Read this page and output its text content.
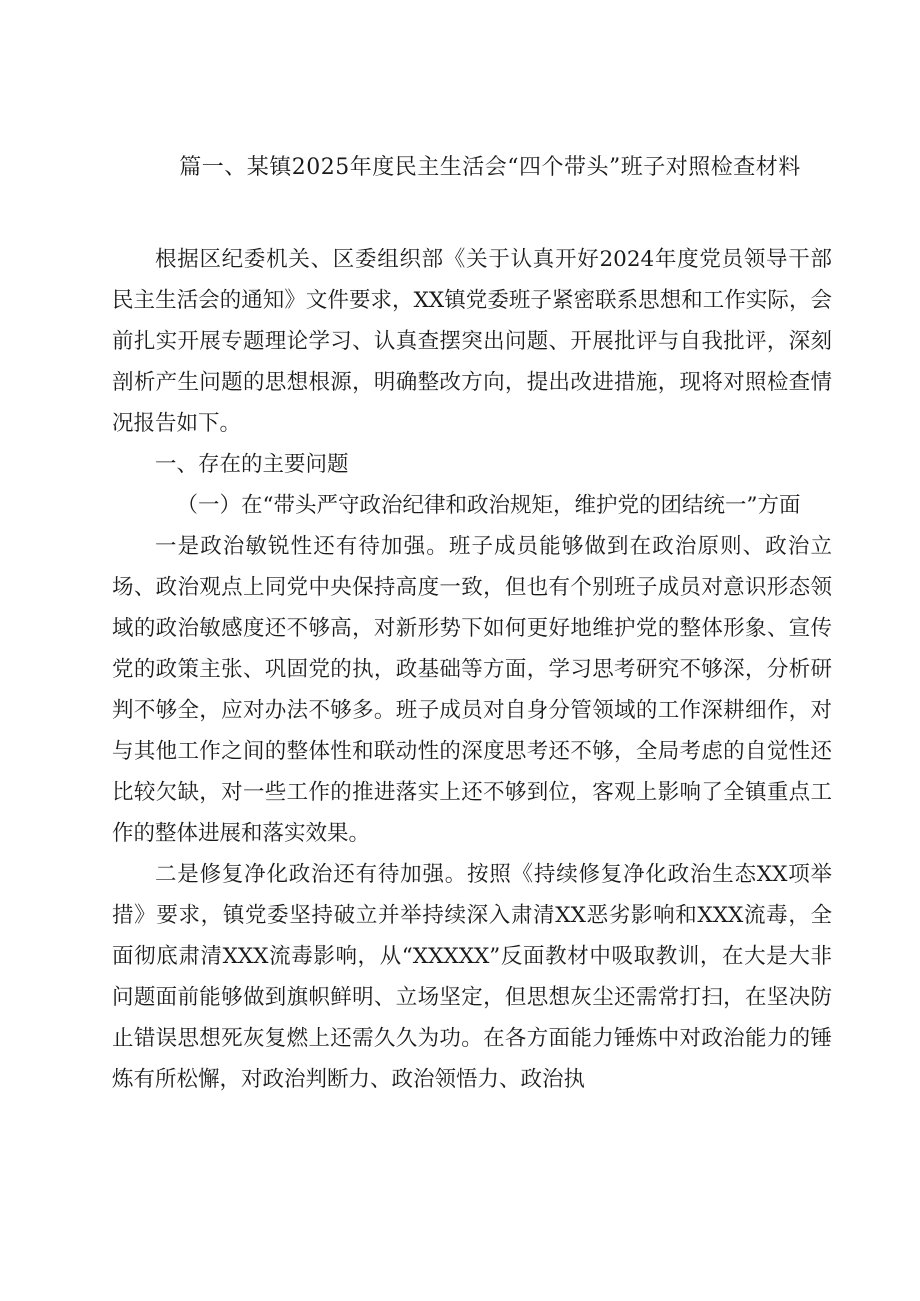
篇一、某镇2025年度民主生活会“四个带头”班子对照检查材料

根据区纪委机关、区委组织部《关于认真开好2024年度党员领导干部民主生活会的通知》文件要求，XX镇党委班子紧密联系思想和工作实际，会前扎实开展专题理论学习、认真查摆突出问题、开展批评与自我批评，深刻剖析产生问题的思想根源，明确整改方向，提出改进措施，现将对照检查情况报告如下。

一、存在的主要问题

（一）在“带头严守政治纪律和政治规矩，维护党的团结统一”方面

一是政治敏锐性还有待加强。班子成员能够做到在政治原则、政治立场、政治观点上同党中央保持高度一致，但也有个别班子成员对意识形态领域的政治敏感度还不够高，对新形势下如何更好地维护党的整体形象、宣传党的政策主张、巩固党的执，政基础等方面，学习思考研究不够深，分析研判不够全，应对办法不够多。班子成员对自身分管领域的工作深耕细作，对与其他工作之间的整体性和联动性的深度思考还不够，全局考虑的自觉性还比较欠缺，对一些工作的推进落实上还不够到位，客观上影响了全镇重点工作的整体进展和落实效果。

二是修复净化政治还有待加强。按照《持续修复净化政治生态XX项举措》要求，镇党委坚持破立并举持续深入肃清XX恶劣影响和XXX流毒，全面彻底肃清XXX流毒影响，从“XXXXX”反面教材中吸取教训，在大是大非问题面前能够做到旗帜鲜明、立场坚定，但思想灰尘还需常打扫，在坚决防止错误思想死灰复燃上还需久久为功。在各方面能力锤炼中对政治能力的锤炼有所松懈，对政治判断力、政治领悟力、政治执
